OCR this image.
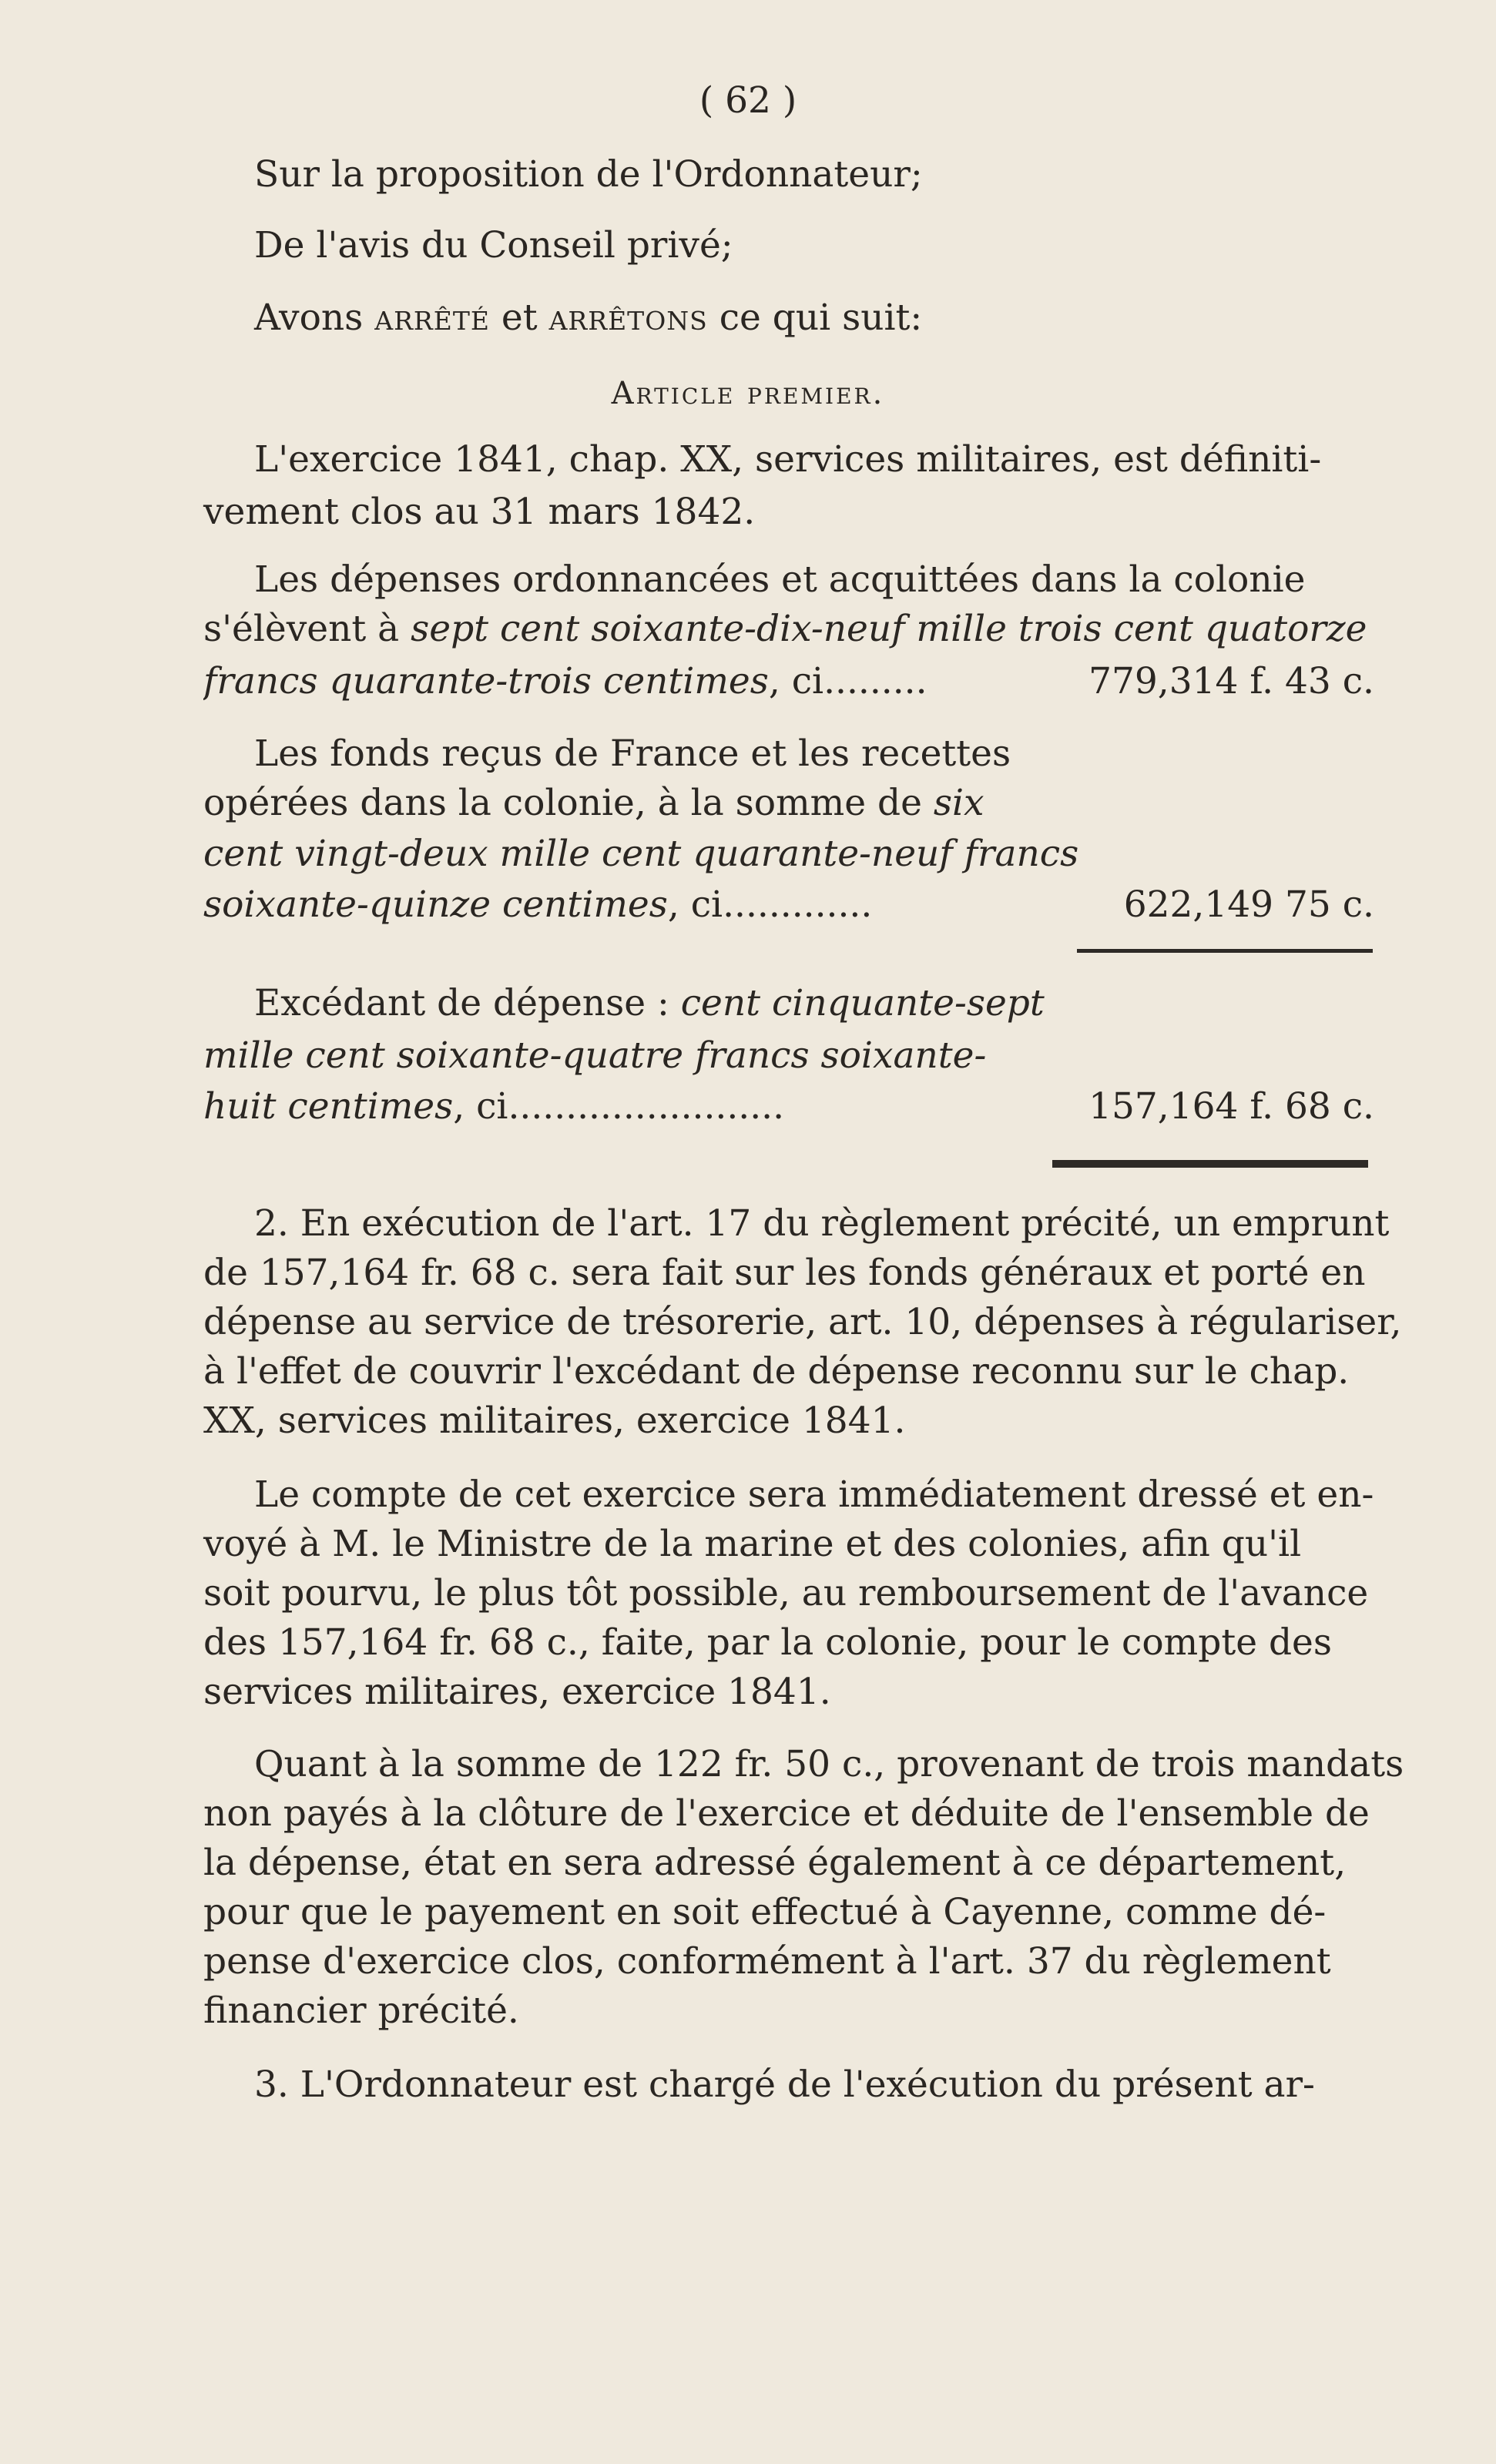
( 62 )
Sur la proposition de l'Ordonnateur;
De l'avis du Conseil privé;
Avons arrêté et arrêtons ce qui suit:
Article premier.
L'exercice 1841, chap. XX, services militaires, est définiti-
vement clos au 31 mars 1842.
Les dépenses ordonnancées et acquittées dans la colonie
s'élèvent à sept cent soixante-dix-neuf mille trois cent quatorze
francs quarante-trois centimes, ci.........	779,314 f. 43 c.
Les fonds reçus de France et les recettes
opérées dans la colonie, à la somme de six
cent vingt-deux mille cent quarante-neuf francs
soixante-quinze centimes, ci.............	622,149 75 c.
Excédant de dépense : cent cinquante-sept
mille cent soixante-quatre francs soixante-
huit centimes, ci........................	157,164 f. 68 c.
2. En exécution de l'art. 17 du règlement précité, un emprunt
de 157,164 fr. 68 c. sera fait sur les fonds généraux et porté en
dépense au service de trésorerie, art. 10, dépenses à régulariser,
à l'effet de couvrir l'excédant de dépense reconnu sur le chap.
XX, services militaires, exercice 1841.
Le compte de cet exercice sera immédiatement dressé et en-
voyé à M. le Ministre de la marine et des colonies, afin qu'il
soit pourvu, le plus tôt possible, au remboursement de l'avance
des 157,164 fr. 68 c., faite, par la colonie, pour le compte des
services militaires, exercice 1841.
Quant à la somme de 122 fr. 50 c., provenant de trois mandats
non payés à la clôture de l'exercice et déduite de l'ensemble de
la dépense, état en sera adressé également à ce département,
pour que le payement en soit effectué à Cayenne, comme dé-
pense d'exercice clos, conformément à l'art. 37 du règlement
financier précité.
3. L'Ordonnateur est chargé de l'exécution du présent ar-
